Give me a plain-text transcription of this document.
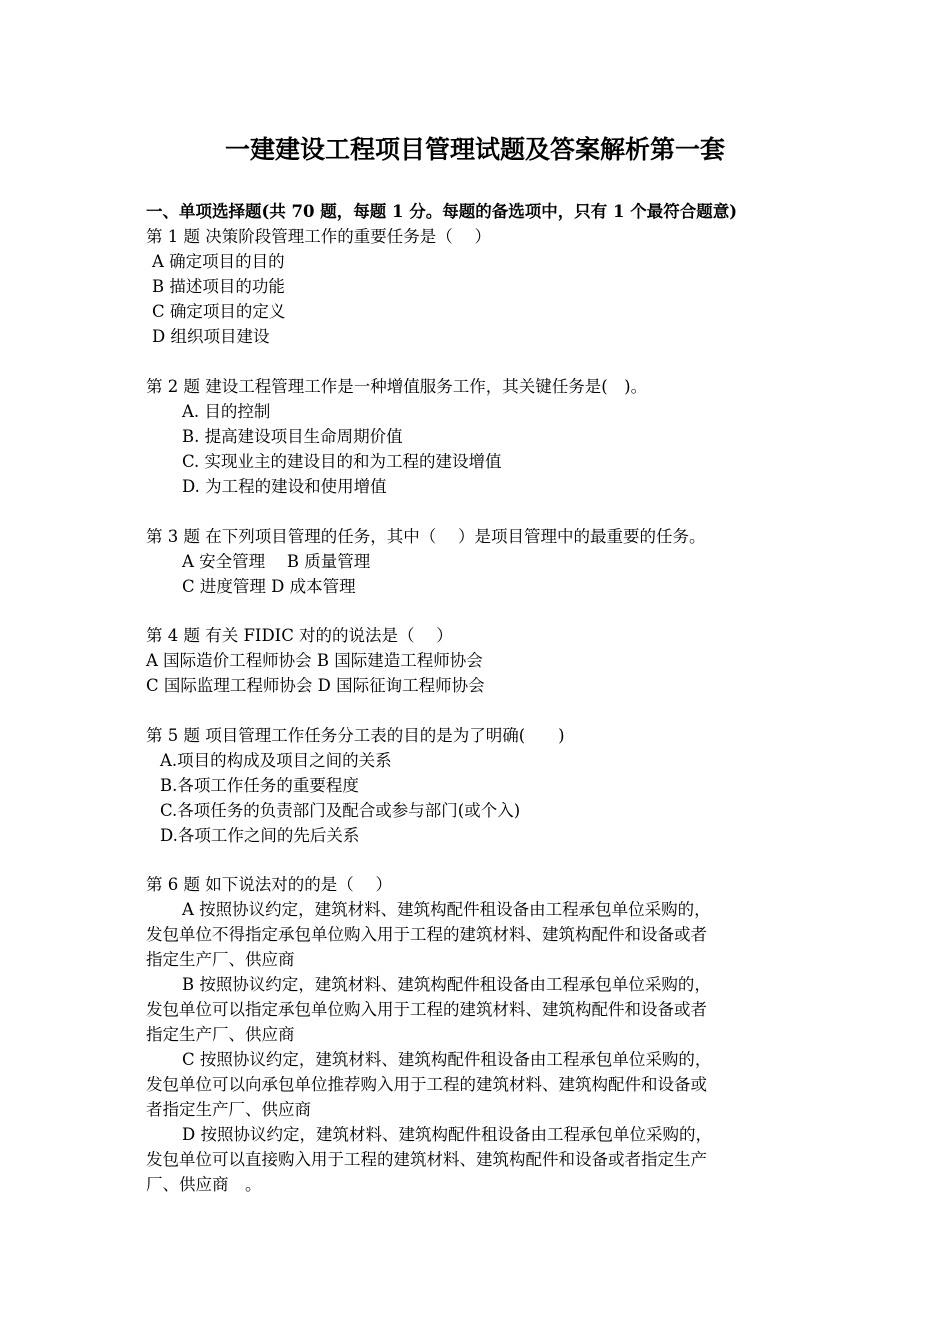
一建建设工程项目管理试题及答案解析第一套
一、单项选择题(共 70 题，每题 1 分。每题的备选项中，只有 1 个最符合题意)
第 1 题 决策阶段管理工作的重要任务是（　 ）
A 确定项目的目的
B 描述项目的功能
C 确定项目的定义
D 组织项目建设
第 2 题 建设工程管理工作是一种增值服务工作，其关键任务是(　)。
A. 目的控制
B. 提高建设项目生命周期价值
C. 实现业主的建设目的和为工程的建设增值
D. 为工程的建设和使用增值
第 3 题 在下列项目管理的任务，其中（　 ）是项目管理中的最重要的任务。
A 安全管理　 B 质量管理
C 进度管理 D 成本管理
第 4 题 有关 FIDIC 对的的说法是（　 ）
A 国际造价工程师协会 B 国际建造工程师协会
C 国际监理工程师协会 D 国际征询工程师协会
第 5 题 项目管理工作任务分工表的目的是为了明确(　　)
A.项目的构成及项目之间的关系
B.各项工作任务的重要程度
C.各项任务的负责部门及配合或参与部门(或个入)
D.各项工作之间的先后关系
第 6 题 如下说法对的的是（　 ）
A 按照协议约定，建筑材料、建筑构配件租设备由工程承包单位采购的，
发包单位不得指定承包单位购入用于工程的建筑材料、建筑构配件和设备或者
指定生产厂、供应商
B 按照协议约定，建筑材料、建筑构配件租设备由工程承包单位采购的，
发包单位可以指定承包单位购入用于工程的建筑材料、建筑构配件和设备或者
指定生产厂、供应商
C 按照协议约定，建筑材料、建筑构配件租设备由工程承包单位采购的，
发包单位可以向承包单位推荐购入用于工程的建筑材料、建筑构配件和设备或
者指定生产厂、供应商
D 按照协议约定，建筑材料、建筑构配件租设备由工程承包单位采购的，
发包单位可以直接购入用于工程的建筑材料、建筑构配件和设备或者指定生产
厂、供应商　。
